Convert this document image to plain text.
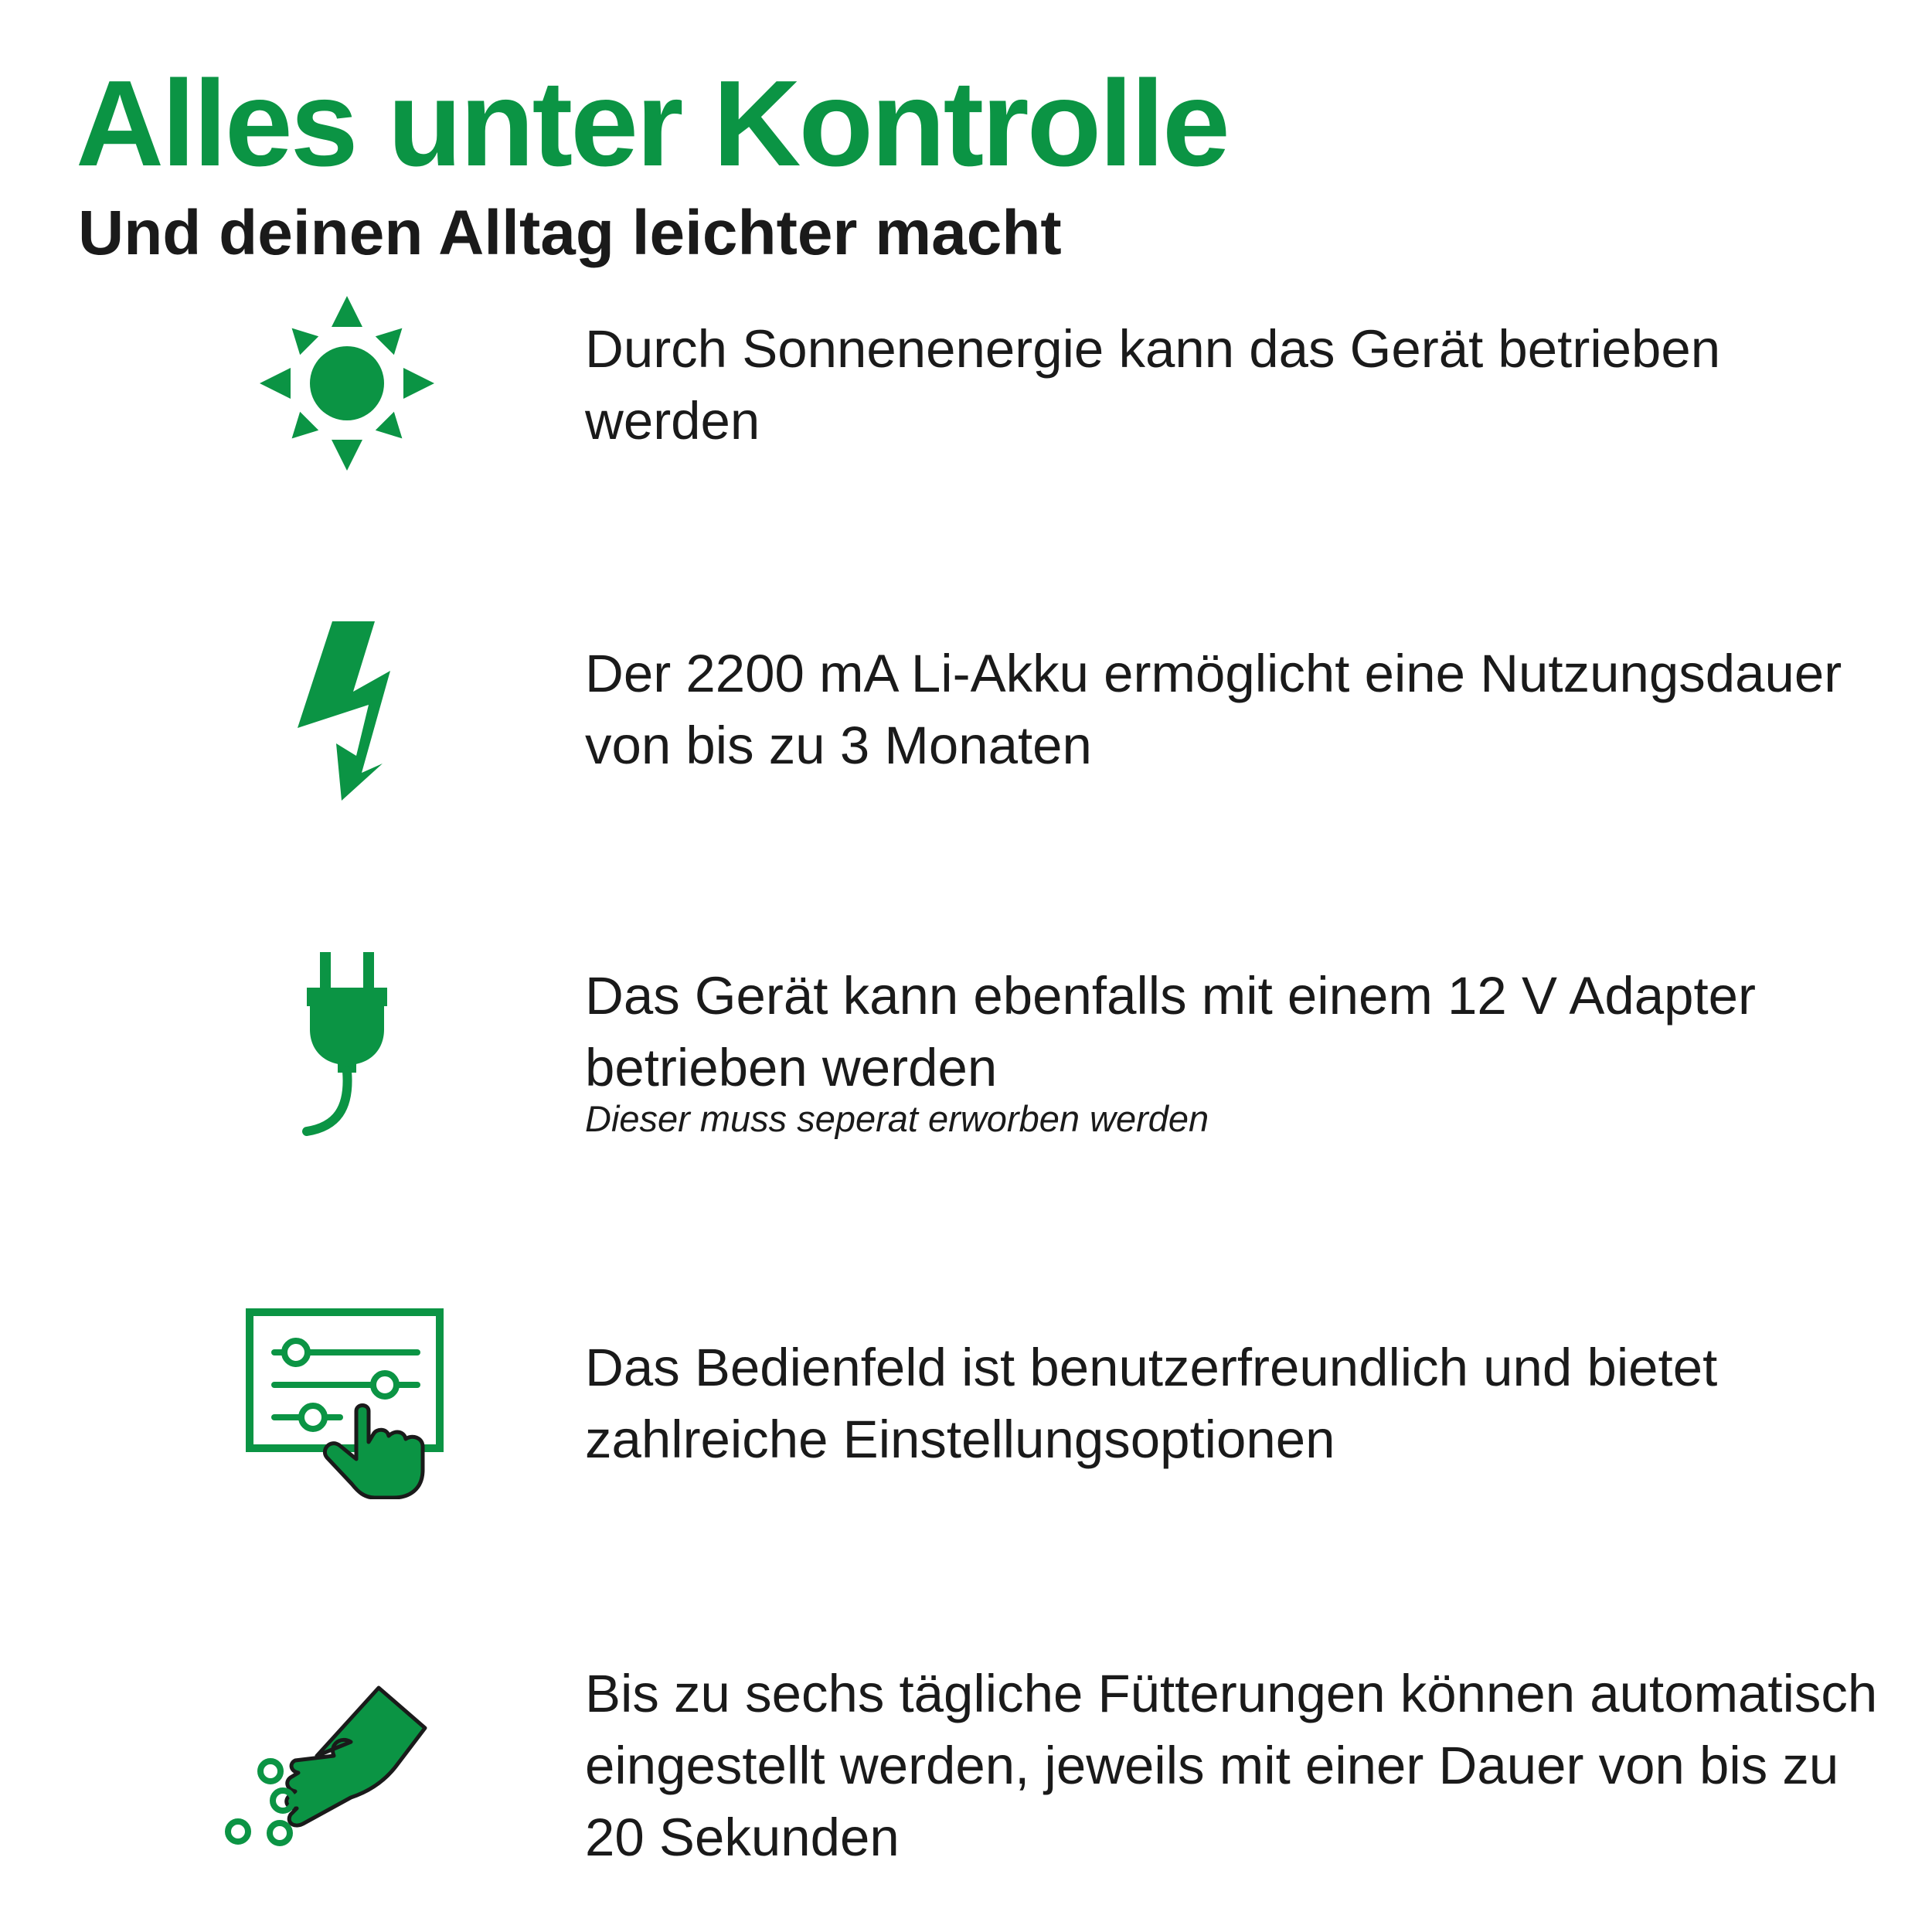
Alles unter Kontrolle
Und deinen Alltag leichter macht

Durch Sonnenenergie kann das Gerät betrieben werden

Der 2200 mA Li-Akku ermöglicht eine Nutzungsdauer von bis zu 3 Monaten

Das Gerät kann ebenfalls mit einem 12 V Adapter betrieben werden

Dieser muss seperat erworben werden

Das Bedienfeld ist benutzerfreundlich und bietet zahlreiche Einstellungsoptionen

Bis zu sechs tägliche Fütterungen können automatisch eingestellt werden, jeweils mit einer Dauer von bis zu 20 Sekunden
